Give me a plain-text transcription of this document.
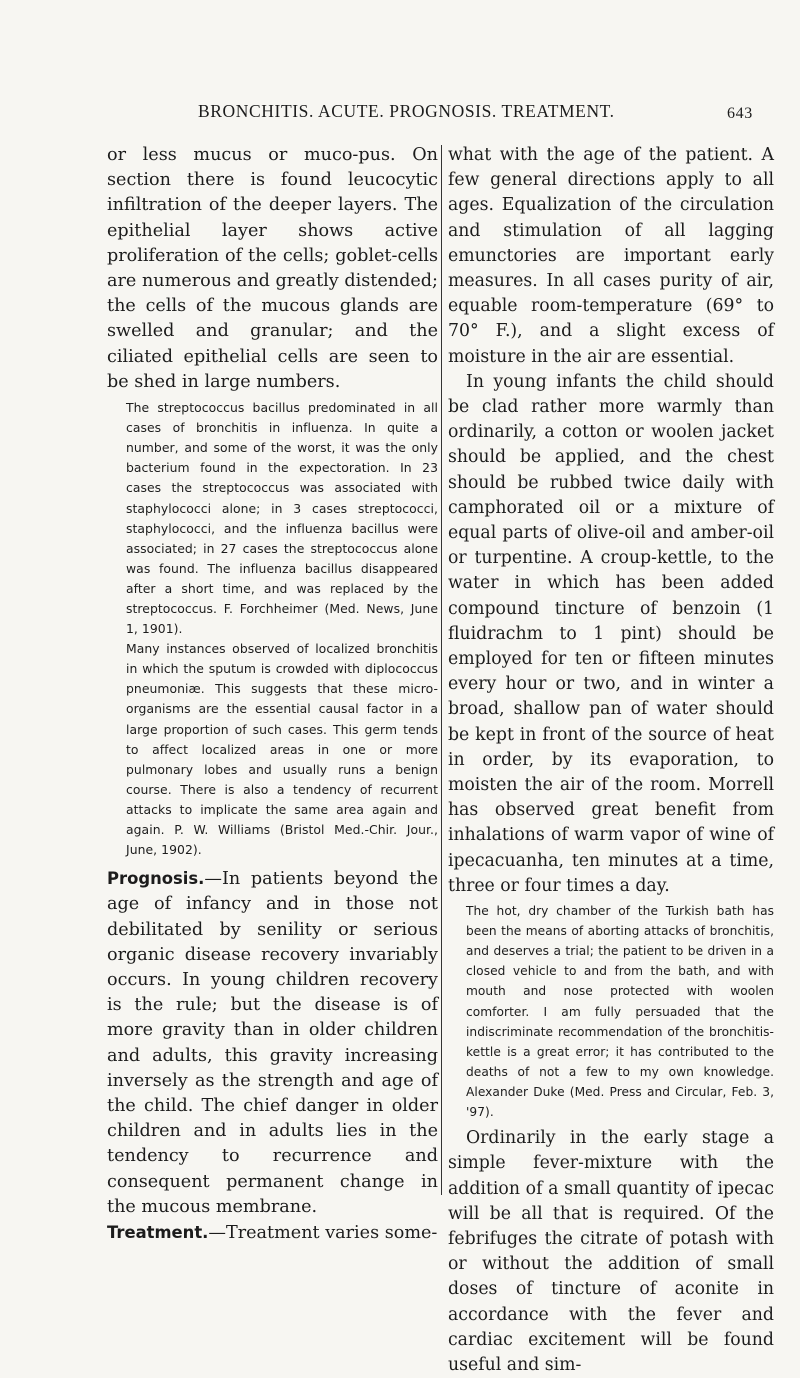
BRONCHITIS. ACUTE. PROGNOSIS. TREATMENT.	643

or less mucus or muco-pus. On section there is found leucocytic infiltration of the deeper layers. The epithelial layer shows active proliferation of the cells; goblet-cells are numerous and greatly distended; the cells of the mucous glands are swelled and granular; and the ciliated epithelial cells are seen to be shed in large numbers.

The streptococcus bacillus predominated in all cases of bronchitis in influenza. In quite a number, and some of the worst, it was the only bacterium found in the expectoration. In 23 cases the streptococcus was associated with staphylococci alone; in 3 cases streptococci, staphylococci, and the influenza bacillus were associated; in 27 cases the streptococcus alone was found. The influenza bacillus disappeared after a short time, and was replaced by the streptococcus. F. Forchheimer (Med. News, June 1, 1901).

Many instances observed of localized bronchitis in which the sputum is crowded with diplococcus pneumoniæ. This suggests that these micro-organisms are the essential causal factor in a large proportion of such cases. This germ tends to affect localized areas in one or more pulmonary lobes and usually runs a benign course. There is also a tendency of recurrent attacks to implicate the same area again and again. P. W. Williams (Bristol Med.-Chir. Jour., June, 1902).

Prognosis.—In patients beyond the age of infancy and in those not debilitated by senility or serious organic disease recovery invariably occurs. In young children recovery is the rule; but the disease is of more gravity than in older children and adults, this gravity increasing inversely as the strength and age of the child. The chief danger in older children and in adults lies in the tendency to recurrence and consequent permanent change in the mucous membrane.

Treatment.—Treatment varies some-

what with the age of the patient. A few general directions apply to all ages. Equalization of the circulation and stimulation of all lagging emunctories are important early measures. In all cases purity of air, equable room-temperature (69° to 70° F.), and a slight excess of moisture in the air are essential.

In young infants the child should be clad rather more warmly than ordinarily, a cotton or woolen jacket should be applied, and the chest should be rubbed twice daily with camphorated oil or a mixture of equal parts of olive-oil and amber-oil or turpentine. A croup-kettle, to the water in which has been added compound tincture of benzoin (1 fluidrachm to 1 pint) should be employed for ten or fifteen minutes every hour or two, and in winter a broad, shallow pan of water should be kept in front of the source of heat in order, by its evaporation, to moisten the air of the room. Morrell has observed great benefit from inhalations of warm vapor of wine of ipecacuanha, ten minutes at a time, three or four times a day.

The hot, dry chamber of the Turkish bath has been the means of aborting attacks of bronchitis, and deserves a trial; the patient to be driven in a closed vehicle to and from the bath, and with mouth and nose protected with woolen comforter. I am fully persuaded that the indiscriminate recommendation of the bronchitis-kettle is a great error; it has contributed to the deaths of not a few to my own knowledge. Alexander Duke (Med. Press and Circular, Feb. 3, '97).

Ordinarily in the early stage a simple fever-mixture with the addition of a small quantity of ipecac will be all that is required. Of the febrifuges the citrate of potash with or without the addition of small doses of tincture of aconite in accordance with the fever and cardiac excitement will be found useful and sim-
